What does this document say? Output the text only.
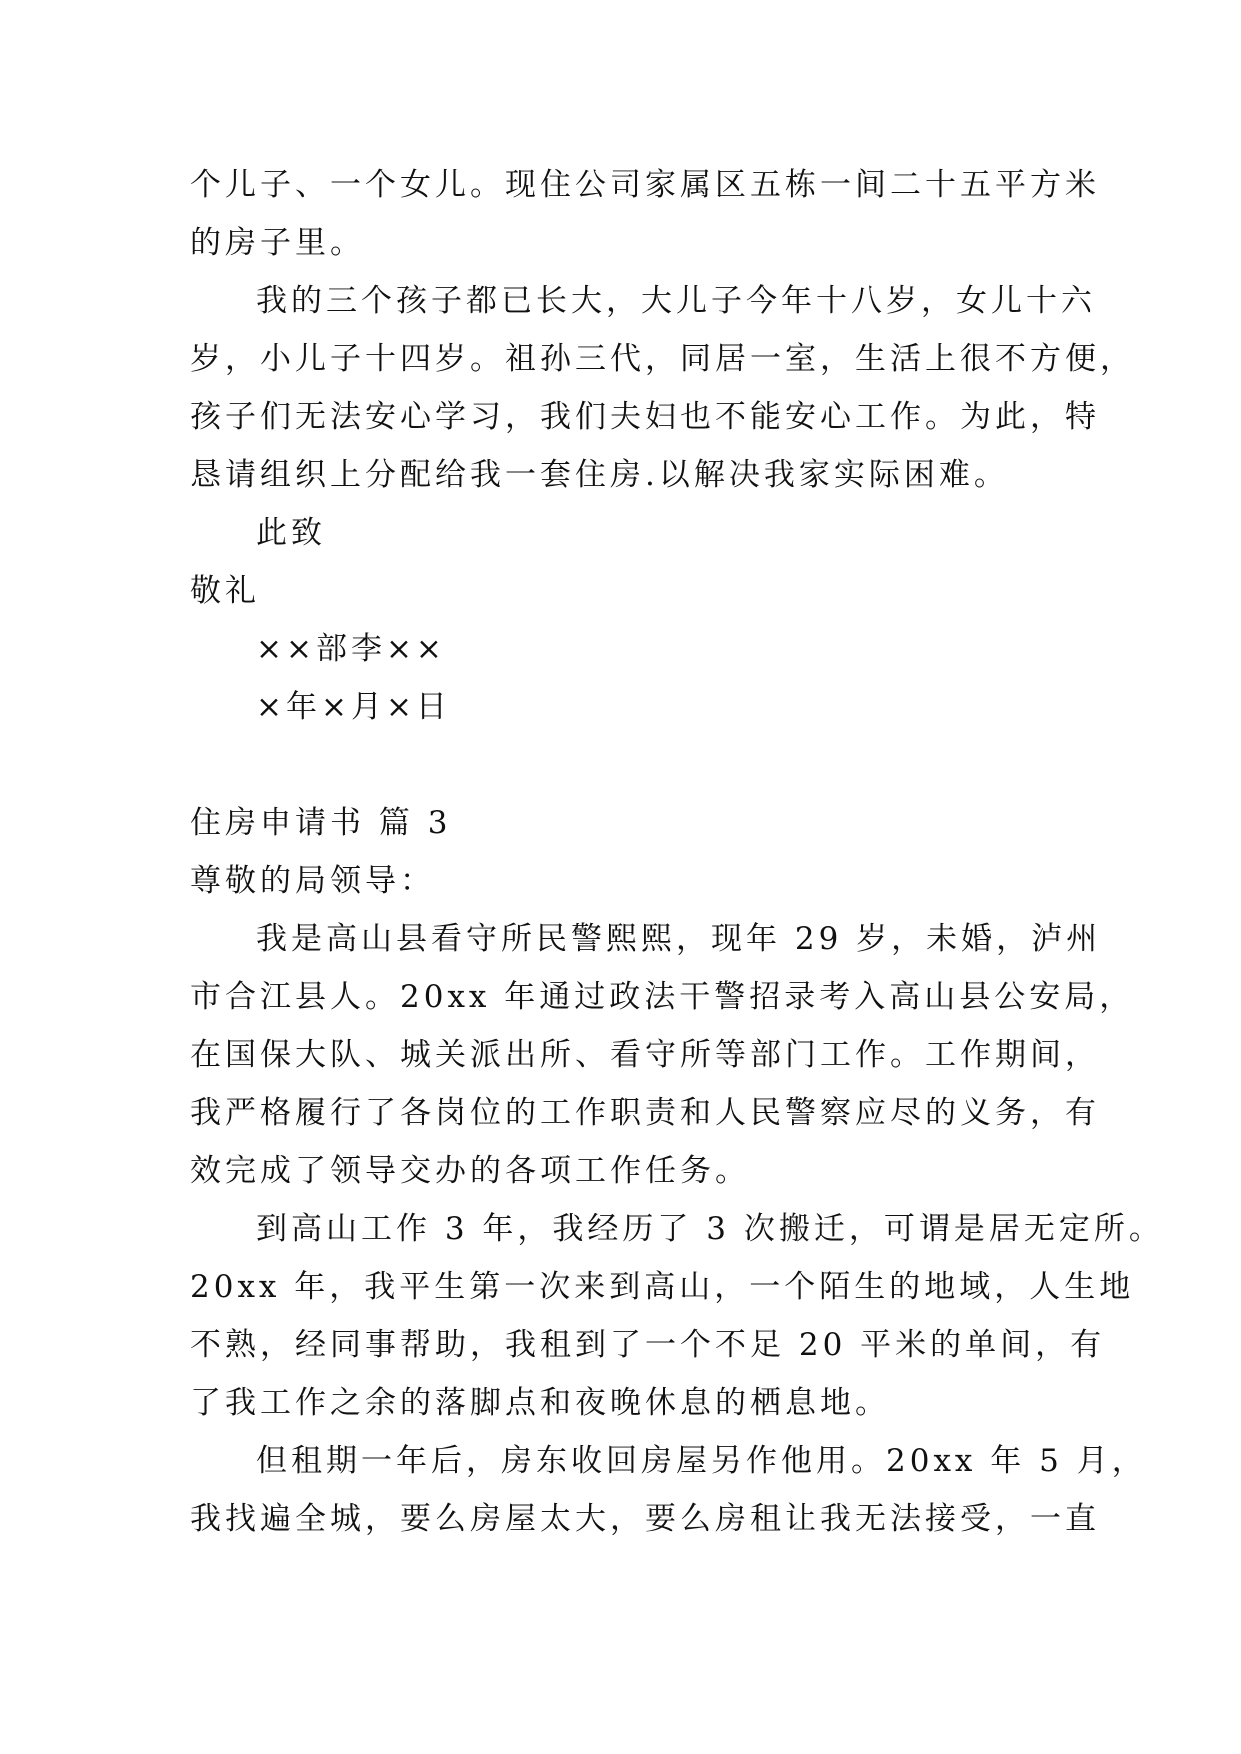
个儿子、一个女儿。现住公司家属区五栋一间二十五平方米
的房子里。
我的三个孩子都已长大，大儿子今年十八岁，女儿十六
岁，小儿子十四岁。祖孙三代，同居一室，生活上很不方便，
孩子们无法安心学习，我们夫妇也不能安心工作。为此，特
恳请组织上分配给我一套住房.以解决我家实际困难。
此致
敬礼
××部李××
×年×月×日
住房申请书 篇 3
尊敬的局领导：
我是高山县看守所民警熙熙，现年 29 岁，未婚，泸州
市合江县人。20xx 年通过政法干警招录考入高山县公安局，
在国保大队、城关派出所、看守所等部门工作。工作期间，
我严格履行了各岗位的工作职责和人民警察应尽的义务，有
效完成了领导交办的各项工作任务。
到高山工作 3 年，我经历了 3 次搬迁，可谓是居无定所。
20xx 年，我平生第一次来到高山，一个陌生的地域，人生地
不熟，经同事帮助，我租到了一个不足 20 平米的单间，有
了我工作之余的落脚点和夜晚休息的栖息地。
但租期一年后，房东收回房屋另作他用。20xx 年 5 月，
我找遍全城，要么房屋太大，要么房租让我无法接受，一直
